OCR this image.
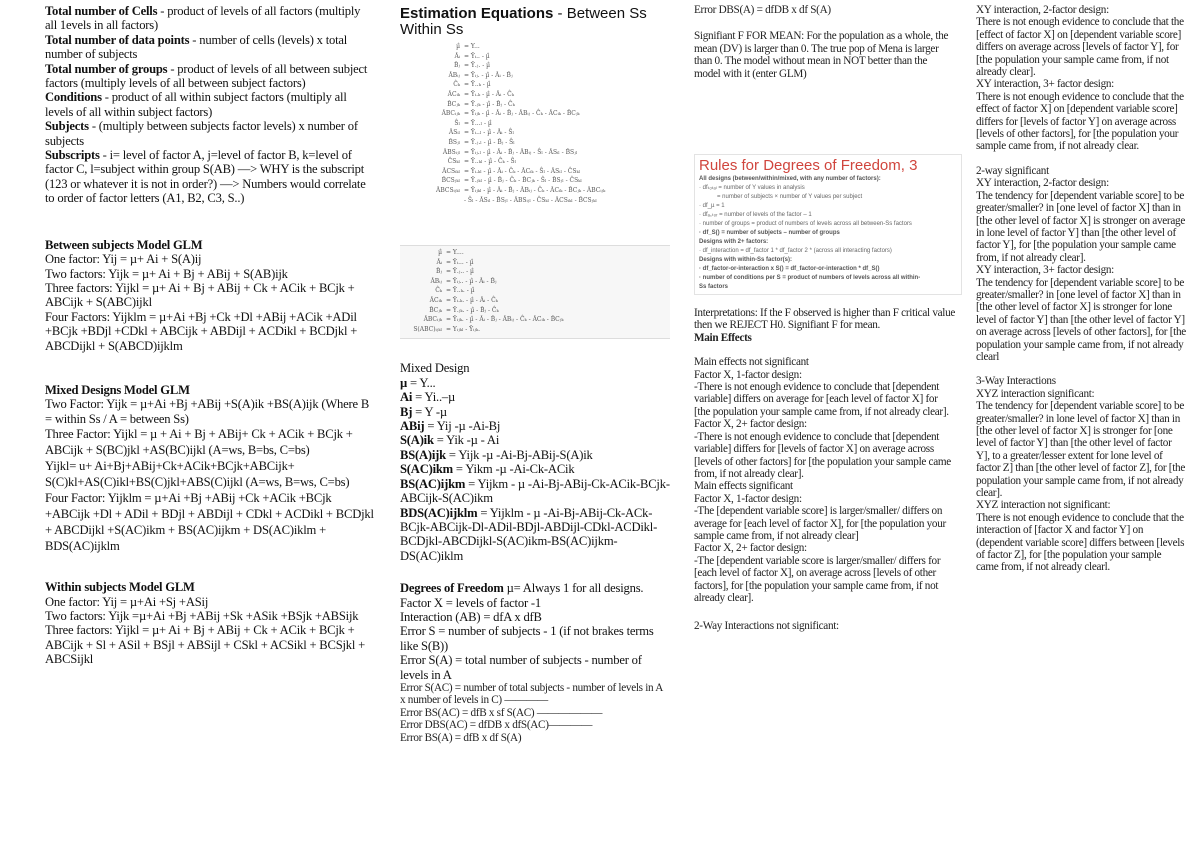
Total number of Cells - product of levels of all factors (multiply all 1evels in all factors)

Total number of data points - number of cells (levels) x total number of subjects

Total number of groups - product of levels of all between subject factors (multiply levels of all between subject factors)

Conditions - product of all within subject factors (multiply all levels of all within subject factors)

Subjects - (multiply between subjects factor levels) x number of subjects

Subscripts - i= level of factor A, j=level of factor B, k=level of factor C, l=subject within group S(AB) —> WHY is the subscript (123 or whatever it is not in order?) —> Numbers would correlate to order of factor letters (A1, B2, C3, S..)

Between subjects Model GLM

One factor: Yij = µ+ Ai + S(A)ij

Two factors: Yijk = µ+ Ai + Bj + ABij + S(AB)ijk

Three factors: Yijkl = µ+ Ai + Bj + ABij + Ck + ACik + BCjk + ABCijk + S(ABC)ijkl

Four Factors: Yijklm = µ+Ai +Bj +Ck +Dl +ABij +ACik +ADil +BCjk +BDjl +CDkl + ABCijk + ABDijl + ACDikl + BCDjkl + ABCDijkl + S(ABCD)ijklm

Mixed Designs Model GLM

Two Factor: Yijk = µ+Ai +Bj +ABij +S(A)ik +BS(A)ijk (Where B = within Ss / A = between Ss)

Three Factor: Yijkl = µ + Ai + Bj + ABij+ Ck + ACik + BCjk + ABCijk + S(BC)jkl +AS(BC)ijkl (A=ws, B=bs, C=bs)

Yijkl= u+ Ai+Bj+ABij+Ck+ACik+BCjk+ABCijk+ S(C)kl+AS(C)ikl+BS(C)jkl+ABS(C)ijkl (A=ws, B=ws, C=bs)

Four Factor: Yijklm = µ+Ai +Bj +ABij +Ck +ACik +BCjk +ABCijk +Dl + ADil + BDjl + ABDijl + CDkl + ACDikl + BCDjkl + ABCDijkl +S(AC)ikm + BS(AC)ijkm + DS(AC)iklm + BDS(AC)ijklm

Within subjects Model GLM

One factor: Yij = µ+Ai +Sj +ASij

Two factors: Yijk =µ+Ai +Bj +ABij +Sk +ASik +BSjk +ABSijk

Three factors: Yijkl = µ+ Ai + Bj + ABij + Ck + ACik + BCjk + ABCijk + Sl + ASil + BSjl + ABSijl + CSkl + ACSikl + BCSjkl + ABCSijkl

Estimation Equations - Between Ss Within Ss
µ̂ = Y...
Âᵢ = Ȳᵢ.. - µ̂
B̂ⱼ = Ȳ.ⱼ. - µ̂
ÂBᵢⱼ = Ȳᵢⱼ. - µ̂ - Âᵢ - B̂ⱼ
Ĉₖ = Ȳ..ₖ - µ̂
ÂCᵢₖ = Ȳᵢ.ₖ - µ̂ - Âᵢ - Ĉₖ
B̂Cⱼₖ = Ȳ.ⱼₖ - µ̂ - B̂ⱼ - Ĉₖ
ÂBCᵢⱼₖ = Ȳᵢⱼₖ - µ̂ - Âᵢ - B̂ⱼ - ÂBᵢⱼ - Ĉₖ - ÂCᵢₖ - B̂Cⱼₖ
Ŝₗ = Ȳ...ₗ - µ̂
ÂSᵢₗ = Ȳᵢ..ₗ - µ̂ - Âᵢ - Ŝₗ
B̂Sⱼₗ = Ȳ.ⱼ.ₗ - µ̂ - B̂ⱼ - Ŝₗ
ÂBSᵢⱼₗ = Ȳᵢⱼ.ₗ - µ̂ - Âᵢ - B̂ⱼ - ÂBᵢⱼ - Ŝₗ - ÂSᵢₗ - B̂Sⱼₗ
ĈSₖₗ = Ȳ..ₖₗ - µ̂ - Ĉₖ - Ŝₗ
ÂCSᵢₖₗ = Ȳᵢ.ₖₗ - µ̂ - Âᵢ - Ĉₖ - ÂCᵢₖ - Ŝₗ - ÂSᵢₗ - ĈSₖₗ
B̂CSⱼₖₗ = Ȳ.ⱼₖₗ - µ̂ - B̂ⱼ - Ĉₖ - B̂Cⱼₖ - Ŝₗ - B̂Sⱼₗ - ĈSₖₗ
ÂBCSᵢⱼₖₗ = Ȳᵢⱼₖₗ - µ̂ - Âᵢ - B̂ⱼ - ÂBᵢⱼ - Ĉₖ - ÂCᵢₖ - B̂Cⱼₖ - ÂBCᵢⱼₖ
- Ŝₗ - ÂSᵢₗ - B̂Sⱼₗ - ÂBSᵢⱼₗ - ĈSₖₗ - ÂCSᵢₖₗ - B̂CSⱼₖₗ
µ̂ = Y....
Âᵢ = Ȳᵢ... - µ̂
B̂ⱼ = Ȳ.ⱼ.. - µ̂
ÂBᵢⱼ = Ȳᵢⱼ.. - µ̂ - Âᵢ - B̂ⱼ
Ĉₖ = Ȳ..ₖ. - µ̂
ÂCᵢₖ = Ȳᵢ.ₖ. - µ̂ - Âᵢ - Ĉₖ
B̂Cⱼₖ = Ȳ.ⱼₖ. - µ̂ - B̂ⱼ - Ĉₖ
ÂBCᵢⱼₖ = Ȳᵢⱼₖ. - µ̂ - Âᵢ - B̂ⱼ - ÂBᵢⱼ - Ĉₖ - ÂCᵢₖ - B̂Cⱼₖ
S(ABC)ᵢⱼₖₗ = Yᵢⱼₖₗ - Ȳᵢⱼₖ.

Mixed Design

µ = Y...

Ai = Yi..–µ

Bj = Y -µ

ABij = Yij -µ -Ai-Bj

S(A)ik = Yik -µ - Ai

BS(A)ijk = Yijk -µ -Ai-Bj-ABij-S(A)ik

S(AC)ikm = Yikm -µ -Ai-Ck-ACik

BS(AC)ijkm = Yijkm - µ -Ai-Bj-ABij-Ck-ACik-BCjk-ABCijk-S(AC)ikm

BDS(AC)ijklm = Yijklm - µ -Ai-Bj-ABij-Ck-ACk-BCjk-ABCijk-Dl-ADil-BDjl-ABDijl-CDkl-ACDikl-BCDjkl-ABCDijkl-S(AC)ikm-BS(AC)ijkm-DS(AC)iklm

Degrees of Freedom µ= Always 1 for all designs.

Factor X = levels of factor -1

Interaction (AB) = dfA x dfB

Error S = number of subjects - 1 (if not brakes terms like S(B))

Error S(A) = total number of subjects - number of levels in A

Error S(AC) = number of total subjects - number of levels in A x number of levels in C) ————

Error BS(AC) = dfB x sf S(AC) ——————

Error DBS(AC) = dfDB x dfS(AC)————

Error BS(A) = dfB x df S(A)

Error DBS(A) = dfDB x df S(A)

Signifiant F FOR MEAN: For the population as a whole, the mean (DV) is larger than 0. The true pop of Mena is larger than 0. The model without mean in NOT better than the model with it (enter GLM)

Rules for Degrees of Freedom, 3
All designs (between/within/mixed, with any number of factors):
· dfₜₒₜₐₗ = number of Y values in analysis
= number of subjects × number of Y values per subject
· df_µ = 1
· dfₐ꜀ₜₒᵣ = number of levels of the factor – 1
· number of groups = product of numbers of levels across all between-Ss factors
· df_S() = number of subjects – number of groups
Designs with 2+ factors:
· df_interaction = df_factor 1 * df_factor 2 * (across all interacting factors)
Designs with within-Ss factor(s):
· df_factor-or-interaction x S() = df_factor-or-interaction * df_S()
· number of conditions per S = product of numbers of levels across all within-
Ss factors

Interpretations: If the F observed is higher than F critical value then we REJECT H0. Signifiant F for mean.

Main Effects

Main effects not significant

Factor X, 1-factor design:

-There is not enough evidence to conclude that [dependent variable] differs on average for [each level of factor X] for [the population your sample came from, if not already clear].

Factor X, 2+ factor design:

-There is not enough evidence to conclude that [dependent variable] differs for [levels of factor X] on average across [levels of other factors] for [the population your sample came from, if not already clear].

Main effects significant

Factor X, 1-factor design:

-The [dependent variable score] is larger/smaller/ differs on average for [each level of factor X], for [the population your sample came from, if not already clear]

Factor X, 2+ factor design:

-The [dependent variable score is larger/smaller/ differs for [each level of factor X], on average across [levels of other factors], for [the population your sample came from, if not already clear].

2-Way Interactions not significant:

XY interaction, 2-factor design:

There is not enough evidence to conclude that the [effect of factor X] on [dependent variable score] differs on average across [levels of factor Y], for [the population your sample came from, if not already clear].

XY interaction, 3+ factor design:

There is not enough evidence to conclude that the effect of factor X] on [dependent variable score] differs for [levels of factor Y] on average across [levels of other factors], for [the population your sample came from, if not already clear.

2-way significant

XY interaction, 2-factor design:

The tendency for [dependent variable score] to be greater/smaller? in [one level of factor X] than in [the other level of factor X] is stronger on average in lone level of factor Y] than [the other level of factor Y], for [the population your sample came from, if not already clear].

XY interaction, 3+ factor design:

The tendency for [dependent variable score] to be greater/smaller? in [one level of factor X] than in [the other level of factor X] is stronger for lone level of factor Y] than [the other level of factor Y] on average across [levels of other factors], for [the population your sample came from, if not already clearl

3-Way Interactions

XYZ interaction significant:

The tendency for [dependent variable score] to be greater/smaller? in lone level of factor X] than in [the other level of factor X] is stronger for [one level of factor Y] than [the other level of factor Y], to a greater/lesser extent for lone level of factor Z] than [the other level of factor Z], for [the population your sample came from, if not already clear].

XYZ interaction not significant:

There is not enough evidence to conclude that the interaction of [factor X and factor Y] on (dependent variable score] differs between [levels of factor Z], for [the population your sample came from, if not already clearl.
